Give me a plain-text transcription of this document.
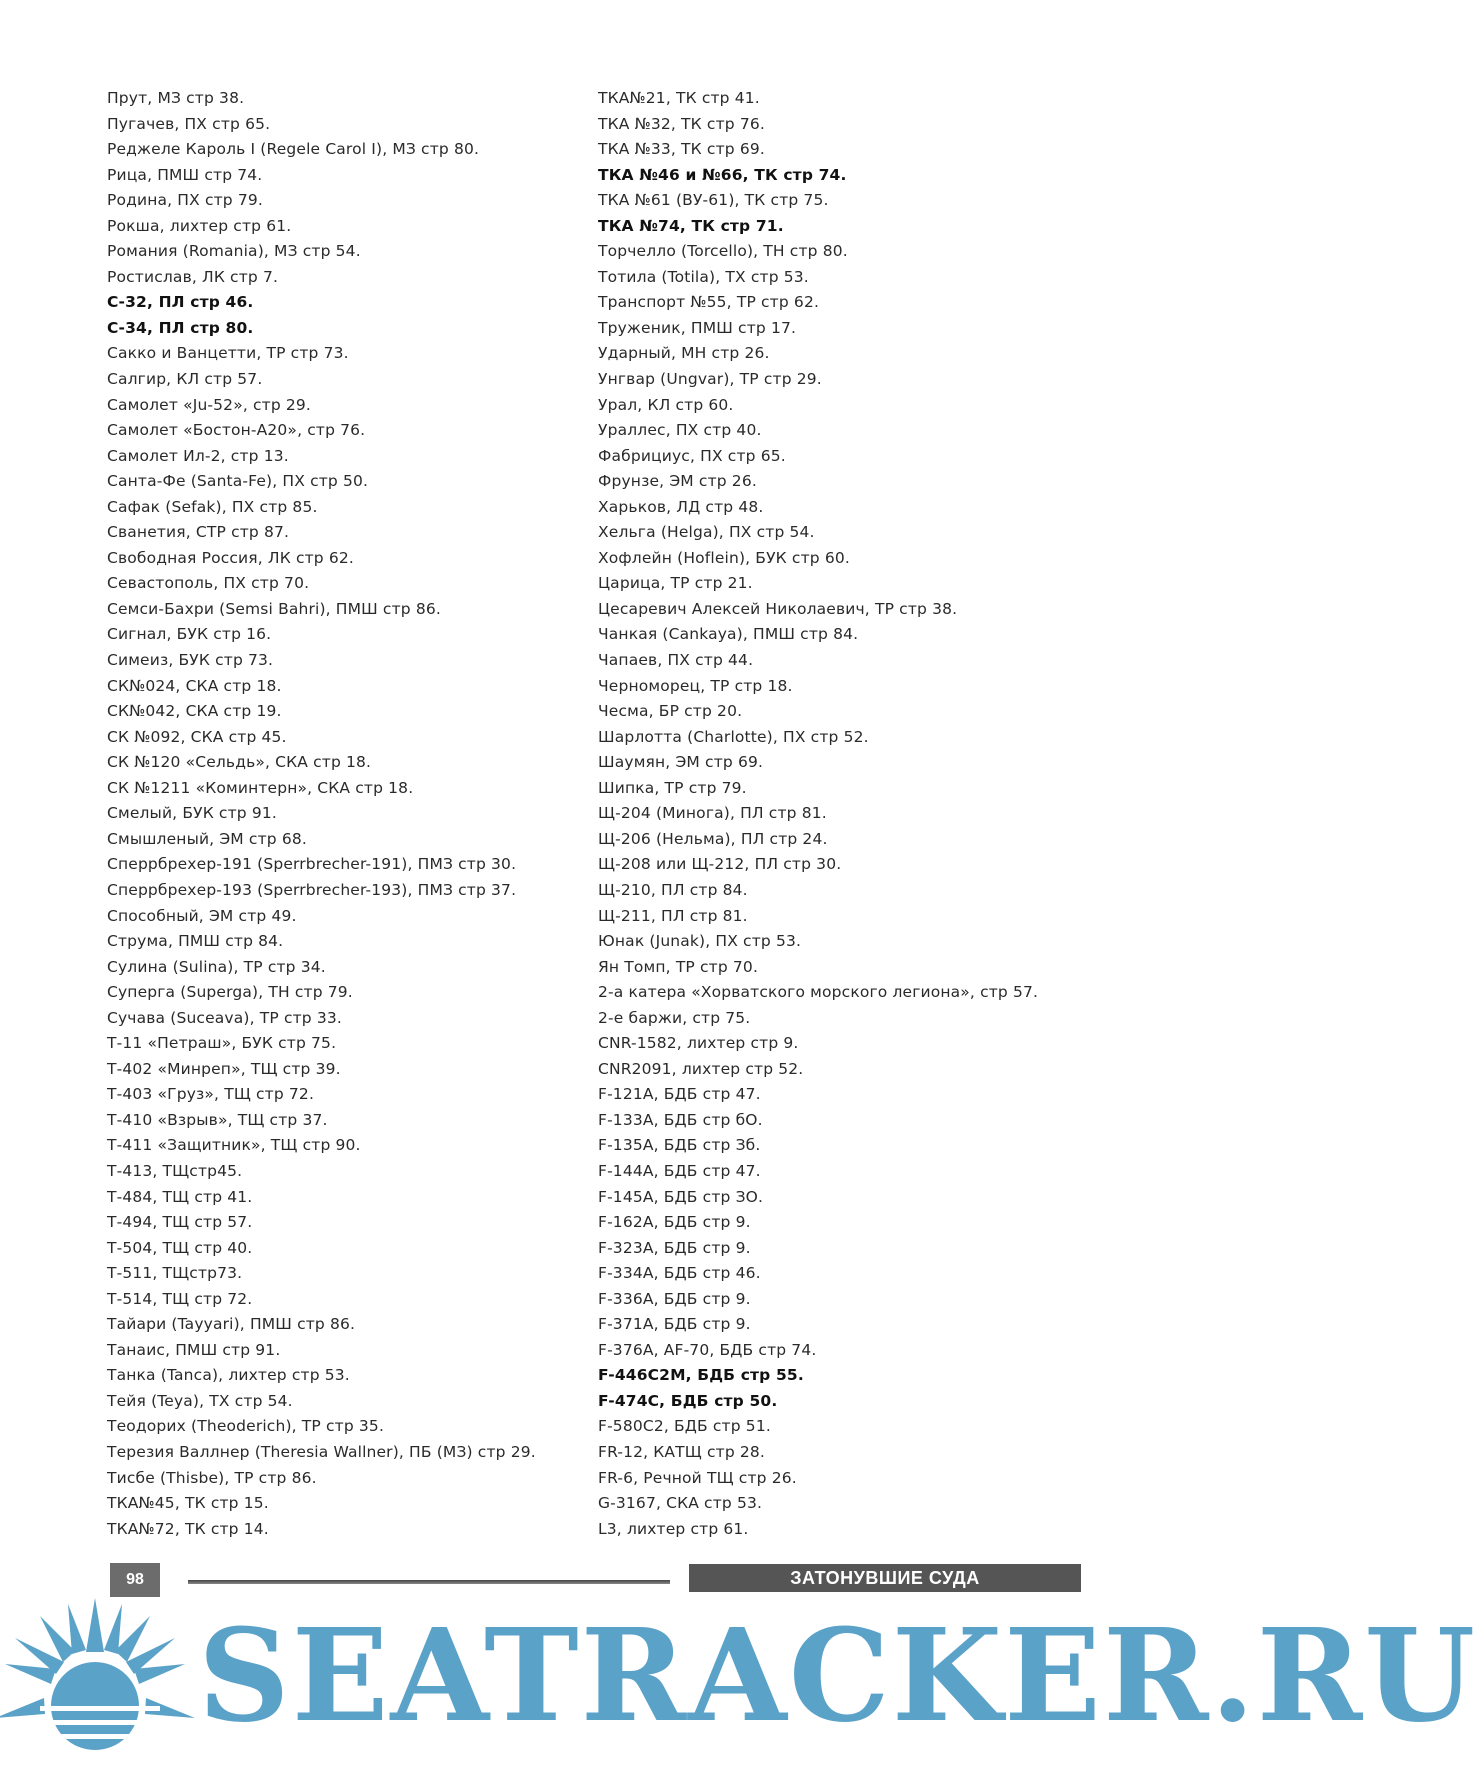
Прут, МЗ стр 38.
Пугачев, ПХ стр 65.
Реджеле Кароль I (Regele Carol I), МЗ стр 80.
Рица, ПМШ стр 74.
Родина, ПХ стр 79.
Рокша, лихтер стр 61.
Романия (Romania), МЗ стр 54.
Ростислав, ЛК стр 7.
С-32, ПЛ стр 46.
С-34, ПЛ стр 80.
Сакко и Ванцетти, ТР стр 73.
Салгир, КЛ стр 57.
Самолет «Ju-52», стр 29.
Самолет «Бостон-А20», стр 76.
Самолет Ил-2, стр 13.
Санта-Фе (Santa-Fe), ПХ стр 50.
Сафак (Sefak), ПХ стр 85.
Сванетия, СТР стр 87.
Свободная Россия, ЛК стр 62.
Севастополь, ПХ стр 70.
Семси-Бахри (Semsi Bahri), ПМШ стр 86.
Сигнал, БУК стр 16.
Симеиз, БУК стр 73.
СК№024, СКА стр 18.
СК№042, СКА стр 19.
СК №092, СКА стр 45.
СК №120 «Сельдь», СКА стр 18.
СК №1211 «Коминтерн», СКА стр 18.
Смелый, БУК стр 91.
Смышленый, ЭМ стр 68.
Сперрбрехер-191 (Sperrbrecher-191), ПМЗ стр 30.
Сперрбрехер-193 (Sperrbrecher-193), ПМЗ стр 37.
Способный, ЭМ стр 49.
Струма, ПМШ стр 84.
Сулина (Sulina), ТР стр 34.
Суперга (Superga), ТН стр 79.
Сучава (Suceava), ТР стр 33.
Т-11 «Петраш», БУК стр 75.
Т-402 «Минреп», ТЩ стр 39.
Т-403 «Груз», ТЩ стр 72.
Т-410 «Взрыв», ТЩ стр 37.
Т-411 «Защитник», ТЩ стр 90.
Т-413, ТЩстр45.
Т-484, ТЩ стр 41.
Т-494, ТЩ стр 57.
Т-504, ТЩ стр 40.
Т-511, ТЩстр73.
Т-514, ТЩ стр 72.
Тайари (Tayyari), ПМШ стр 86.
Танаис, ПМШ стр 91.
Танка (Tanca), лихтер стр 53.
Тейя (Teya), ТХ стр 54.
Теодорих (Theoderich), ТР стр 35.
Терезия Валлнер (Theresia Wallner), ПБ (МЗ) стр 29.
Тисбе (Thisbe), ТР стр 86.
ТКА№45, ТК стр 15.
ТКА№72, ТК стр 14.
ТКА№21, ТК стр 41.
ТКА №32, ТК стр 76.
ТКА №33, ТК стр 69.
ТКА №46 и №66, ТК стр 74.
ТКА №61 (ВУ-61), ТК стр 75.
ТКА №74, ТК стр 71.
Торчелло (Torcello), ТН стр 80.
Тотила (Totila), ТХ стр 53.
Транспорт №55, ТР стр 62.
Труженик, ПМШ стр 17.
Ударный, МН стр 26.
Унгвар (Ungvar), ТР стр 29.
Урал, КЛ стр 60.
Ураллес, ПХ стр 40.
Фабрициус, ПХ стр 65.
Фрунзе, ЭМ стр 26.
Харьков, ЛД стр 48.
Хельга (Helga), ПХ стр 54.
Хофлейн (Hoflein), БУК стр 60.
Царица, ТР стр 21.
Цесаревич Алексей Николаевич, ТР стр 38.
Чанкая (Cankaya), ПМШ стр 84.
Чапаев, ПХ стр 44.
Черноморец, ТР стр 18.
Чесма, БР стр 20.
Шарлотта (Charlotte), ПХ стр 52.
Шаумян, ЭМ стр 69.
Шипка, ТР стр 79.
Щ-204 (Минога), ПЛ стр 81.
Щ-206 (Нельма), ПЛ стр 24.
Щ-208 или Щ-212, ПЛ стр 30.
Щ-210, ПЛ стр 84.
Щ-211, ПЛ стр 81.
Юнак (Junak), ПХ стр 53.
Ян Томп, ТР стр 70.
2-а катера «Хорватского морского легиона», стр 57.
2-е баржи, стр 75.
CNR-1582, лихтер стр 9.
CNR2091, лихтер стр 52.
F-121A, БДБ стр 47.
F-133A, БДБ стр бО.
F-135A, БДБ стр Зб.
F-144A, БДБ стр 47.
F-145A, БДБ стр ЗО.
F-162A, БДБ стр 9.
F-323A, БДБ стр 9.
F-334A, БДБ стр 46.
F-336A, БДБ стр 9.
F-371A, БДБ стр 9.
F-376A, AF-70, БДБ стр 74.
F-446C2M, БДБ стр 55.
F-474C, БДБ стр 50.
F-580C2, БДБ стр 51.
FR-12, КАТЩ стр 28.
FR-6, Речной ТЩ стр 26.
G-3167, СКА стр 53.
L3, лихтер стр 61.
98	ЗАТОНУВШИЕ СУДА
SEATRACKER.RU
